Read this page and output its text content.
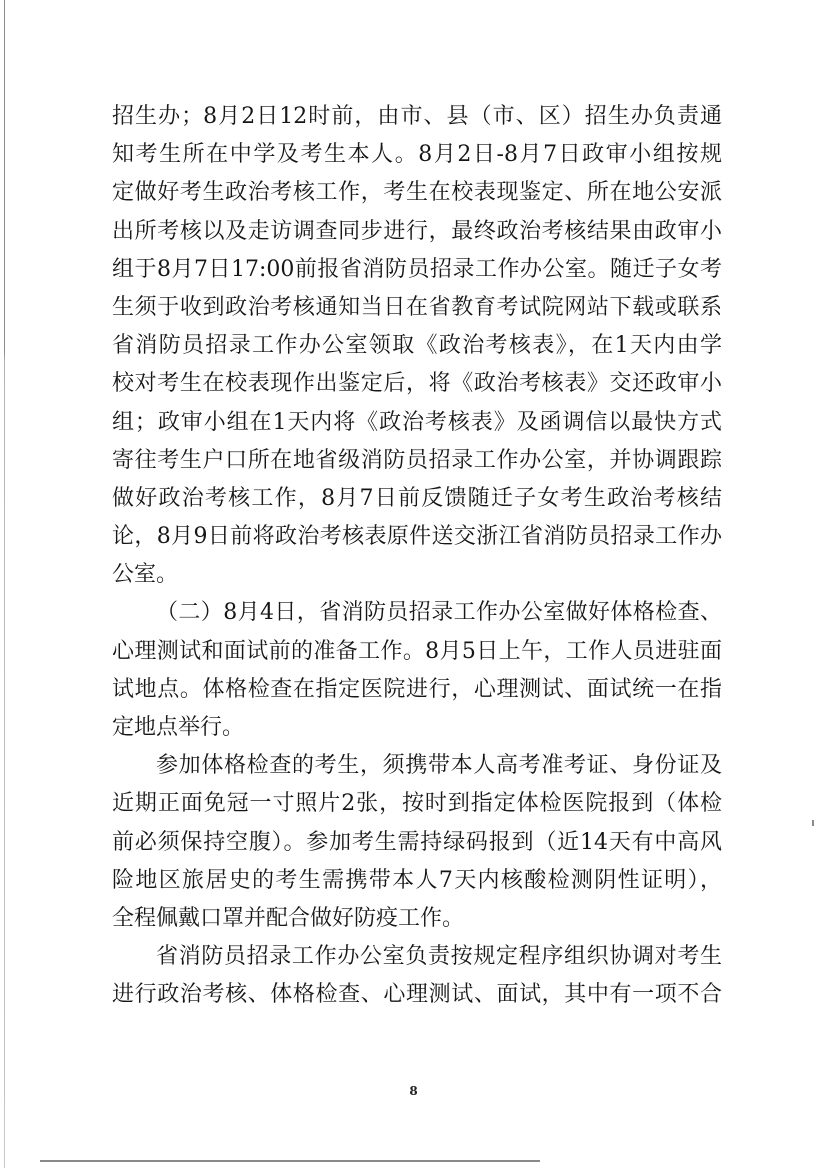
招生办；8月2日12时前，由市、县（市、区）招生办负责通
知考生所在中学及考生本人。8月2日-8月7日政审小组按规
定做好考生政治考核工作，考生在校表现鉴定、所在地公安派
出所考核以及走访调查同步进行，最终政治考核结果由政审小
组于8月7日17:00前报省消防员招录工作办公室。随迁子女考
生须于收到政治考核通知当日在省教育考试院网站下载或联系
省消防员招录工作办公室领取《政治考核表》，在1天内由学
校对考生在校表现作出鉴定后，将《政治考核表》交还政审小
组；政审小组在1天内将《政治考核表》及函调信以最快方式
寄往考生户口所在地省级消防员招录工作办公室，并协调跟踪
做好政治考核工作，8月7日前反馈随迁子女考生政治考核结
论，8月9日前将政治考核表原件送交浙江省消防员招录工作办
公室。
（二）8月4日，省消防员招录工作办公室做好体格检查、
心理测试和面试前的准备工作。8月5日上午，工作人员进驻面
试地点。体格检查在指定医院进行，心理测试、面试统一在指
定地点举行。
参加体格检查的考生，须携带本人高考准考证、身份证及
近期正面免冠一寸照片2张，按时到指定体检医院报到（体检
前必须保持空腹）。参加考生需持绿码报到（近14天有中高风
险地区旅居史的考生需携带本人7天内核酸检测阴性证明），
全程佩戴口罩并配合做好防疫工作。
省消防员招录工作办公室负责按规定程序组织协调对考生
进行政治考核、体格检查、心理测试、面试，其中有一项不合
8
